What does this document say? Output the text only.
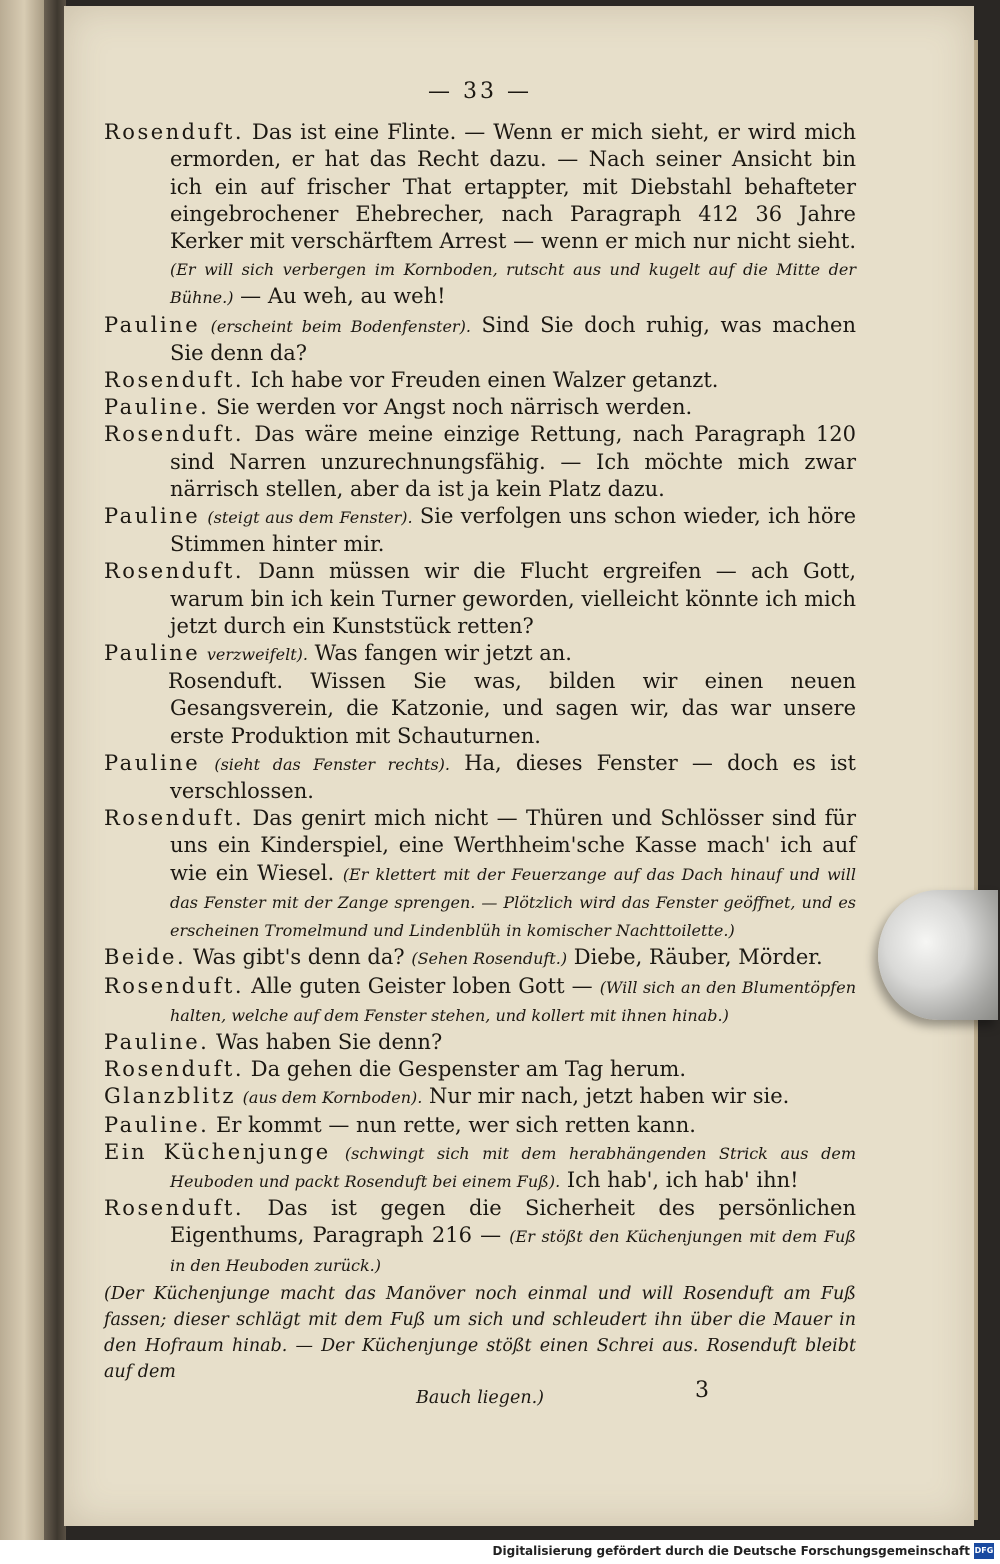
— 33 —
Rosenduft. Das ist eine Flinte. — Wenn er mich sieht, er wird mich ermorden, er hat das Recht dazu. — Nach seiner Ansicht bin ich ein auf frischer That ertappter, mit Diebstahl behafteter eingebrochener Ehebrecher, nach Paragraph 412 36 Jahre Kerker mit verschärftem Arrest — wenn er mich nur nicht sieht. (Er will sich verbergen im Kornboden, rutscht aus und kugelt auf die Mitte der Bühne.) — Au weh, au weh!
Pauline (erscheint beim Bodenfenster). Sind Sie doch ruhig, was machen Sie denn da?
Rosenduft. Ich habe vor Freuden einen Walzer getanzt.
Pauline. Sie werden vor Angst noch närrisch werden.
Rosenduft. Das wäre meine einzige Rettung, nach Paragraph 120 sind Narren unzurechnungsfähig. — Ich möchte mich zwar närrisch stellen, aber da ist ja kein Platz dazu.
Pauline (steigt aus dem Fenster). Sie verfolgen uns schon wieder, ich höre Stimmen hinter mir.
Rosenduft. Dann müssen wir die Flucht ergreifen — ach Gott, warum bin ich kein Turner geworden, vielleicht könnte ich mich jetzt durch ein Kunststück retten?
Pauline verzweifelt). Was fangen wir jetzt an.
Rosenduft. Wissen Sie was, bilden wir einen neuen Gesangsverein, die Katzonie, und sagen wir, das war unsere erste Produktion mit Schauturnen.
Pauline (sieht das Fenster rechts). Ha, dieses Fenster — doch es ist verschlossen.
Rosenduft. Das genirt mich nicht — Thüren und Schlösser sind für uns ein Kinderspiel, eine Werthheim'sche Kasse mach' ich auf wie ein Wiesel. (Er klettert mit der Feuerzange auf das Dach hinauf und will das Fenster mit der Zange sprengen. — Plötzlich wird das Fenster geöffnet, und es erscheinen Tromelmund und Lindenblüh in komischer Nachttoilette.)
Beide. Was gibt's denn da? (Sehen Rosenduft.) Diebe, Räuber, Mörder.
Rosenduft. Alle guten Geister loben Gott — (Will sich an den Blumentöpfen halten, welche auf dem Fenster stehen, und kollert mit ihnen hinab.)
Pauline. Was haben Sie denn?
Rosenduft. Da gehen die Gespenster am Tag herum.
Glanzblitz (aus dem Kornboden). Nur mir nach, jetzt haben wir sie.
Pauline. Er kommt — nun rette, wer sich retten kann.
Ein Küchenjunge (schwingt sich mit dem herabhängenden Strick aus dem Heuboden und packt Rosenduft bei einem Fuß). Ich hab', ich hab' ihn!
Rosenduft. Das ist gegen die Sicherheit des persönlichen Eigenthums, Paragraph 216 — (Er stößt den Küchenjungen mit dem Fuß in den Heuboden zurück.)
(Der Küchenjunge macht das Manöver noch einmal und will Rosenduft am Fuß fassen; dieser schlägt mit dem Fuß um sich und schleudert ihn über die Mauer in den Hofraum hinab. — Der Küchenjunge stößt einen Schrei aus. Rosenduft bleibt auf dem
Bauch liegen.)	3
Digitalisierung gefördert durch die Deutsche Forschungsgemeinschaft DFG
